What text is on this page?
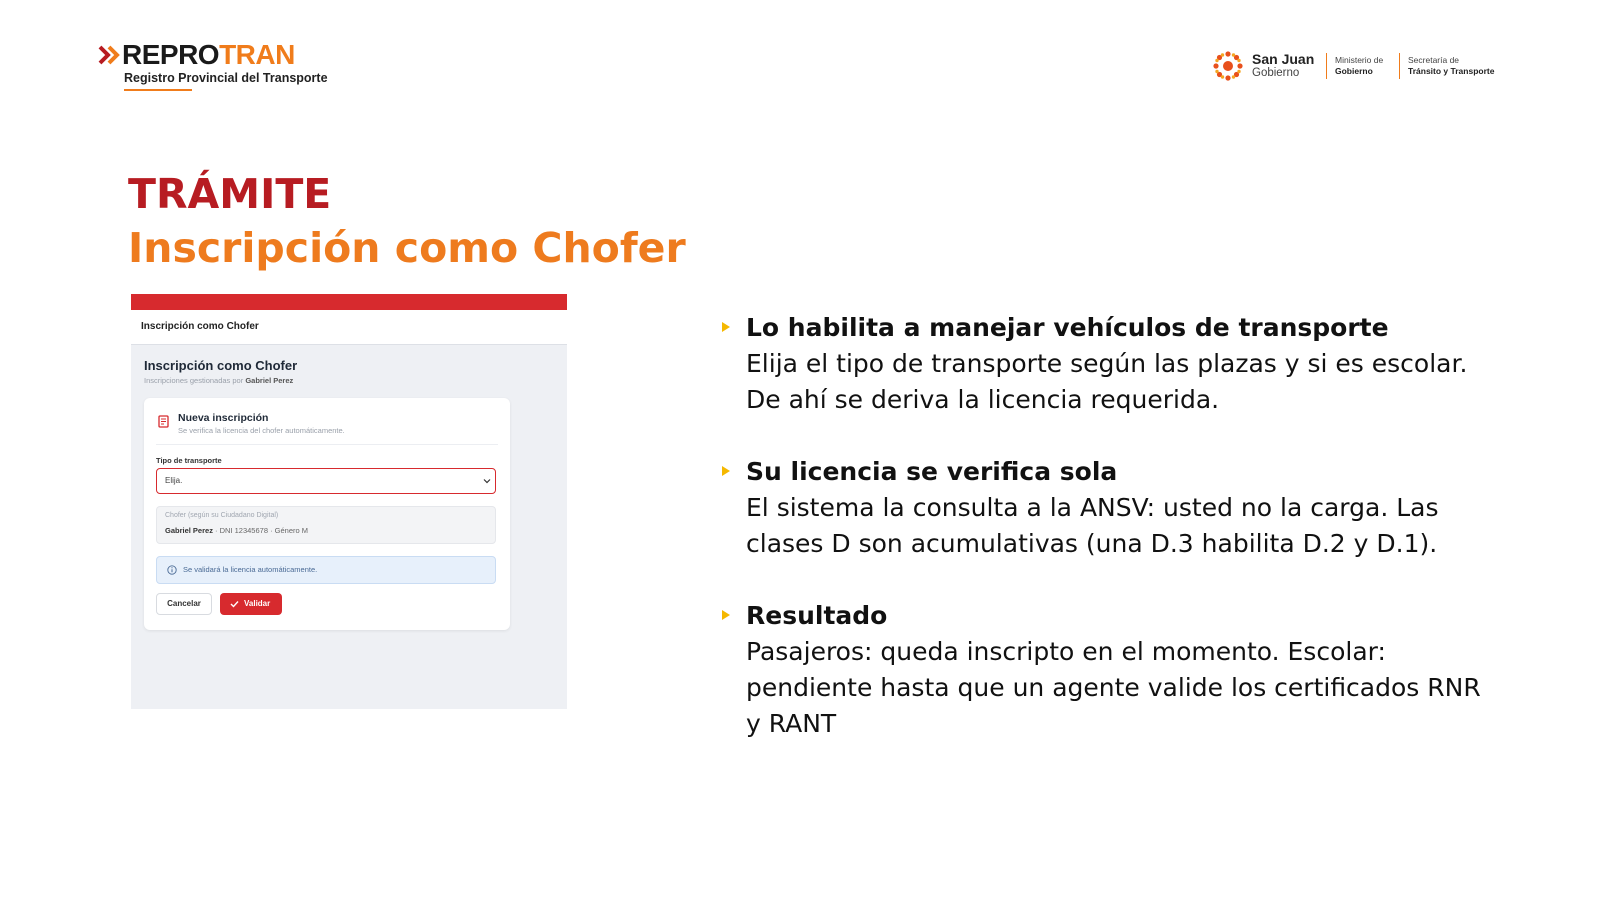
REPROTRAN
Registro Provincial del Transporte
San Juan
Gobierno
Ministerio de
Gobierno
Secretaría de
Tránsito y Transporte
TRÁMITE
Inscripción como Chofer
Inscripción como Chofer
Inscripción como Chofer
Inscripciones gestionadas por Gabriel Perez
Nueva inscripción
Se verifica la licencia del chofer automáticamente.
Tipo de transporte
Elija.
Chofer (según su Ciudadano Digital)
Gabriel Perez · DNI 12345678 · Género M
Se validará la licencia automáticamente.
Cancelar	Validar
Lo habilita a manejar vehículos de transporte
Elija el tipo de transporte según las plazas y si es escolar. De ahí se deriva la licencia requerida.
Su licencia se verifica sola
El sistema la consulta a la ANSV: usted no la carga. Las clases D son acumulativas (una D.3 habilita D.2 y D.1).
Resultado
Pasajeros: queda inscripto en el momento. Escolar: pendiente hasta que un agente valide los certificados RNR y RANT
